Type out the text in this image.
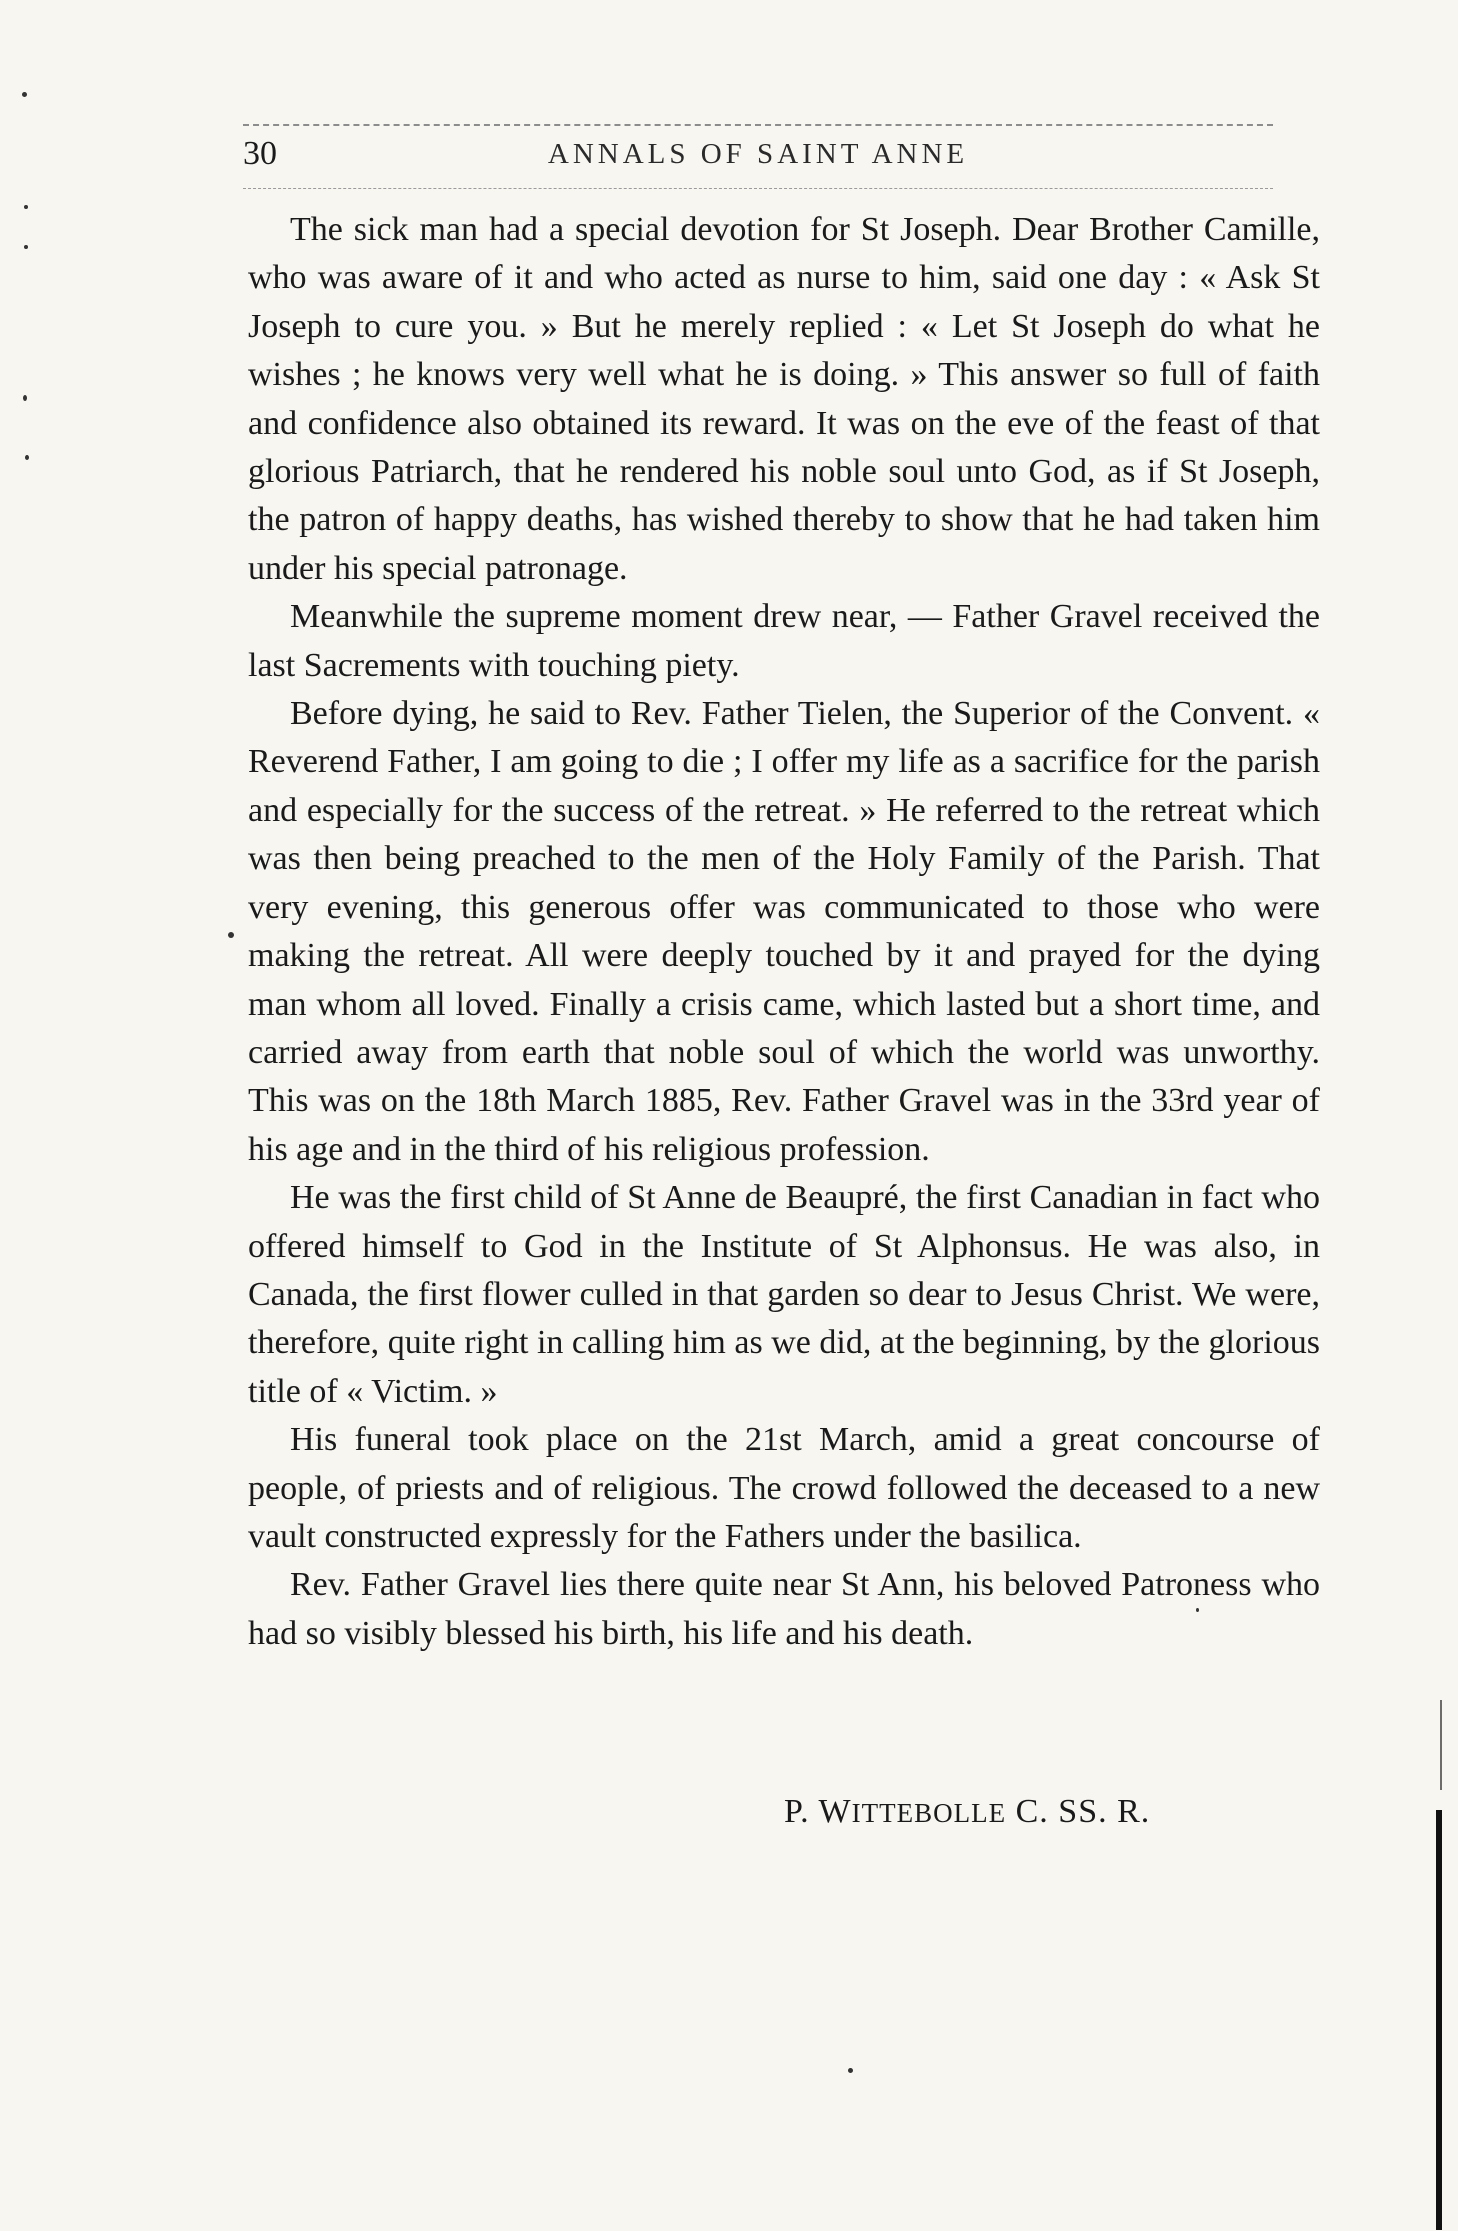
30	ANNALS OF SAINT ANNE

The sick man had a special devotion for St Joseph. Dear Brother Camille, who was aware of it and who acted as nurse to him, said one day : « Ask St Joseph to cure you. » But he merely replied : « Let St Joseph do what he wishes ; he knows very well what he is doing. » This answer so full of faith and confidence also obtained its reward. It was on the eve of the feast of that glorious Patriarch, that he rendered his noble soul unto God, as if St Joseph, the patron of happy deaths, has wished thereby to show that he had taken him under his special patronage.

Meanwhile the supreme moment drew near, — Father Gravel received the last Sacrements with touching piety.

Before dying, he said to Rev. Father Tielen, the Superior of the Convent. « Reverend Father, I am going to die ; I offer my life as a sacrifice for the parish and especially for the success of the retreat. » He referred to the retreat which was then being preached to the men of the Holy Family of the Parish. That very evening, this generous offer was communicated to those who were making the retreat. All were deeply touched by it and prayed for the dying man whom all loved. Finally a crisis came, which lasted but a short time, and carried away from earth that noble soul of which the world was unworthy. This was on the 18th March 1885, Rev. Father Gravel was in the 33rd year of his age and in the third of his religious profession.

He was the first child of St Anne de Beaupré, the first Canadian in fact who offered himself to God in the Institute of St Alphonsus. He was also, in Canada, the first flower culled in that garden so dear to Jesus Christ. We were, therefore, quite right in calling him as we did, at the beginning, by the glorious title of « Victim. »

His funeral took place on the 21st March, amid a great concourse of people, of priests and of religious. The crowd followed the deceased to a new vault constructed expressly for the Fathers under the basilica.

Rev. Father Gravel lies there quite near St Ann, his beloved Patroness who had so visibly blessed his birth, his life and his death.

P. WITTEBOLLE C. SS. R.
